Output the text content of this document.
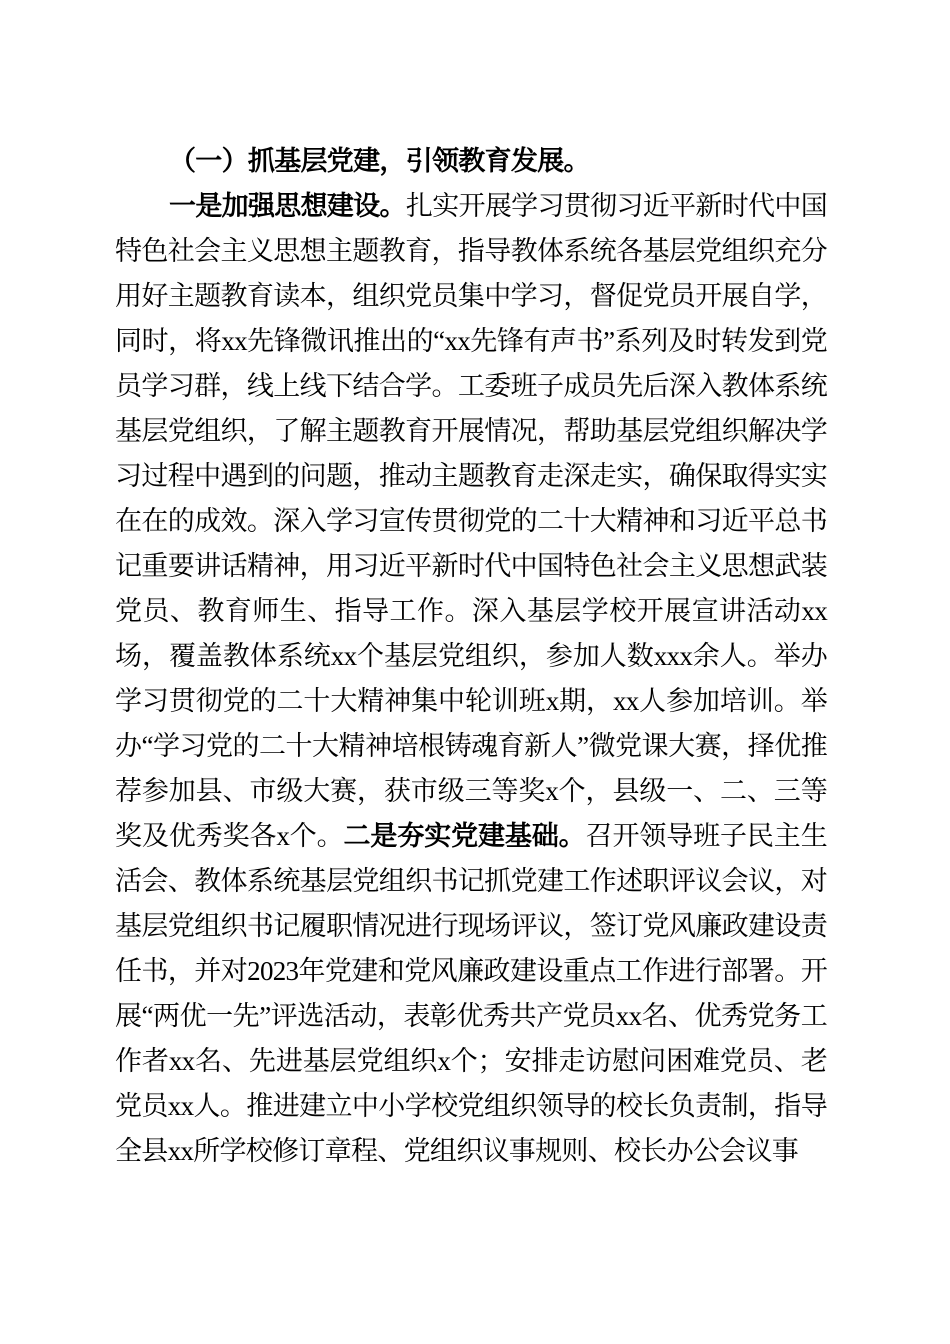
（一）抓基层党建，引领教育发展。

一是加强思想建设。扎实开展学习贯彻习近平新时代中国特色社会主义思想主题教育，指导教体系统各基层党组织充分用好主题教育读本，组织党员集中学习，督促党员开展自学，同时，将xx先锋微讯推出的“xx先锋有声书”系列及时转发到党员学习群，线上线下结合学。工委班子成员先后深入教体系统基层党组织，了解主题教育开展情况，帮助基层党组织解决学习过程中遇到的问题，推动主题教育走深走实，确保取得实实在在的成效。深入学习宣传贯彻党的二十大精神和习近平总书记重要讲话精神，用习近平新时代中国特色社会主义思想武装党员、教育师生、指导工作。深入基层学校开展宣讲活动xx场，覆盖教体系统xx个基层党组织，参加人数xxx余人。举办学习贯彻党的二十大精神集中轮训班x期，xx人参加培训。举办“学习党的二十大精神培根铸魂育新人”微党课大赛，择优推荐参加县、市级大赛，获市级三等奖x个，县级一、二、三等奖及优秀奖各x个。二是夯实党建基础。召开领导班子民主生活会、教体系统基层党组织书记抓党建工作述职评议会议，对基层党组织书记履职情况进行现场评议，签订党风廉政建设责任书，并对2023年党建和党风廉政建设重点工作进行部署。开展“两优一先”评选活动，表彰优秀共产党员xx名、优秀党务工作者xx名、先进基层党组织x个；安排走访慰问困难党员、老党员xx人。推进建立中小学校党组织领导的校长负责制，指导全县xx所学校修订章程、党组织议事规则、校长办公会议事
